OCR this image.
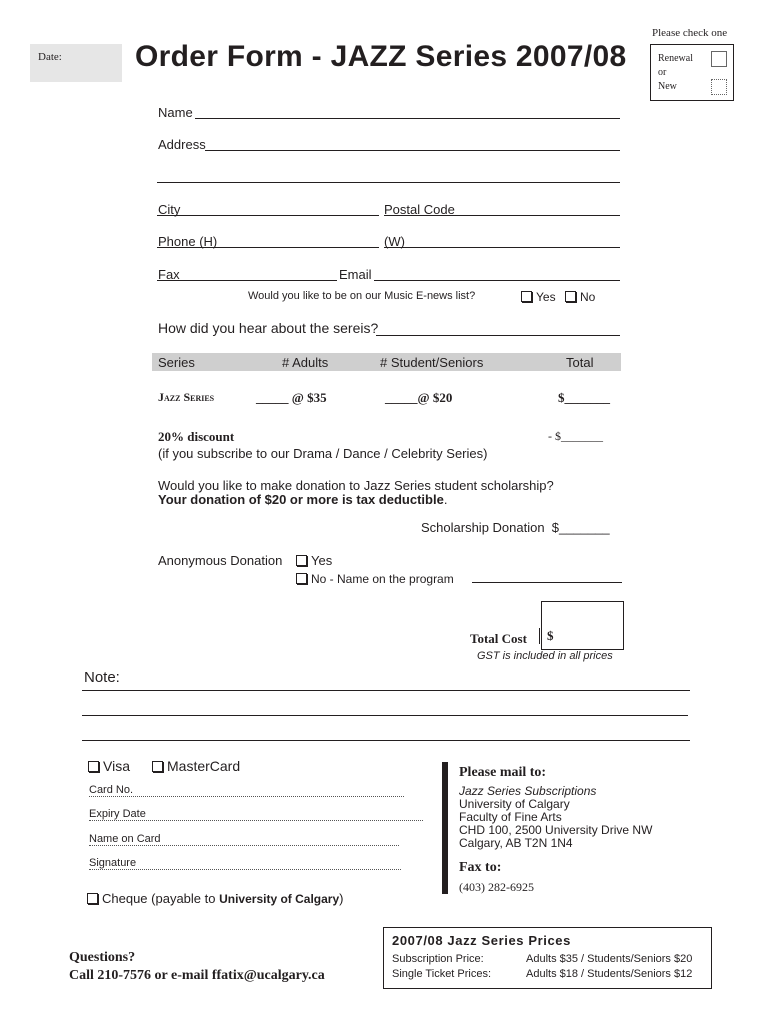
Please check one
Date: Order Form - JAZZ Series 2007/08	Renewal
or
New
Name
Address
City	Postal Code
Phone (H)	(W)
Fax	Email
Would you like to be on our Music E-news list?	Yes	No
How did you hear about the sereis?
Series	# Adults	# Student/Seniors	Total
Jazz Series	_____ @ $35	_____@ $20	$_______
20% discount
(if you subscribe to our Drama / Dance / Celebrity Series)
- $_______
Would you like to make donation to Jazz Series student scholarship?
Your donation of $20 or more is tax deductible.
Scholarship Donation  $_______
Anonymous Donation	Yes
No - Name on the program
Total Cost $
GST is included in all prices
Note:
Visa	MasterCard
Card No.
Expiry Date
Name on Card
Signature
Cheque (payable to University of Calgary)
Please mail to:
Jazz Series Subscriptions
University of Calgary
Faculty of Fine Arts
CHD 100, 2500 University Drive NW
Calgary, AB T2N 1N4
Fax to:
(403) 282-6925
Questions?
Call 210-7576 or e-mail ffatix@ucalgary.ca
2007/08 Jazz Series Prices
Subscription Price:	Adults $35 / Students/Seniors $20
Single Ticket Prices:	Adults $18 / Students/Seniors $12
